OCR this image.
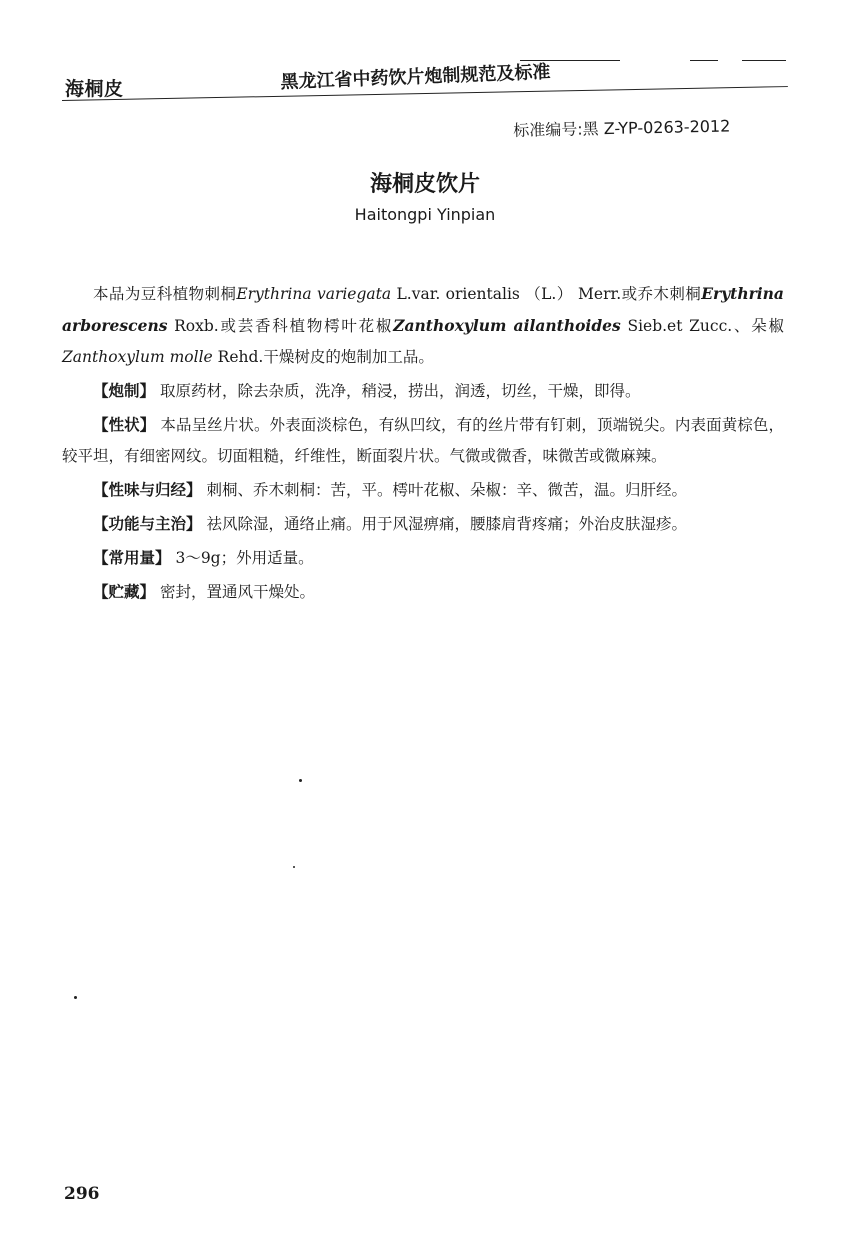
海桐皮	黑龙江省中药饮片炮制规范及标准
标准编号:黑 Z-YP-0263-2012
海桐皮饮片
Haitongpi Yinpian

本品为豆科植物刺桐Erythrina variegata L.var. orientalis （L.） Merr.或乔木刺桐Erythrina arborescens Roxb.或芸香科植物樗叶花椒Zanthoxylum ailanthoides Sieb.et Zucc.、朵椒Zanthoxylum molle Rehd.干燥树皮的炮制加工品。

【炮制】 取原药材，除去杂质，洗净，稍浸，捞出，润透，切丝，干燥，即得。

【性状】 本品呈丝片状。外表面淡棕色，有纵凹纹，有的丝片带有钉刺，顶端锐尖。内表面黄棕色，较平坦，有细密网纹。切面粗糙，纤维性，断面裂片状。气微或微香，味微苦或微麻辣。

【性味与归经】 刺桐、乔木刺桐：苦，平。樗叶花椒、朵椒：辛、微苦，温。归肝经。

【功能与主治】 祛风除湿，通络止痛。用于风湿痹痛，腰膝肩背疼痛；外治皮肤湿疹。

【常用量】 3～9g；外用适量。

【贮藏】 密封，置通风干燥处。

296
